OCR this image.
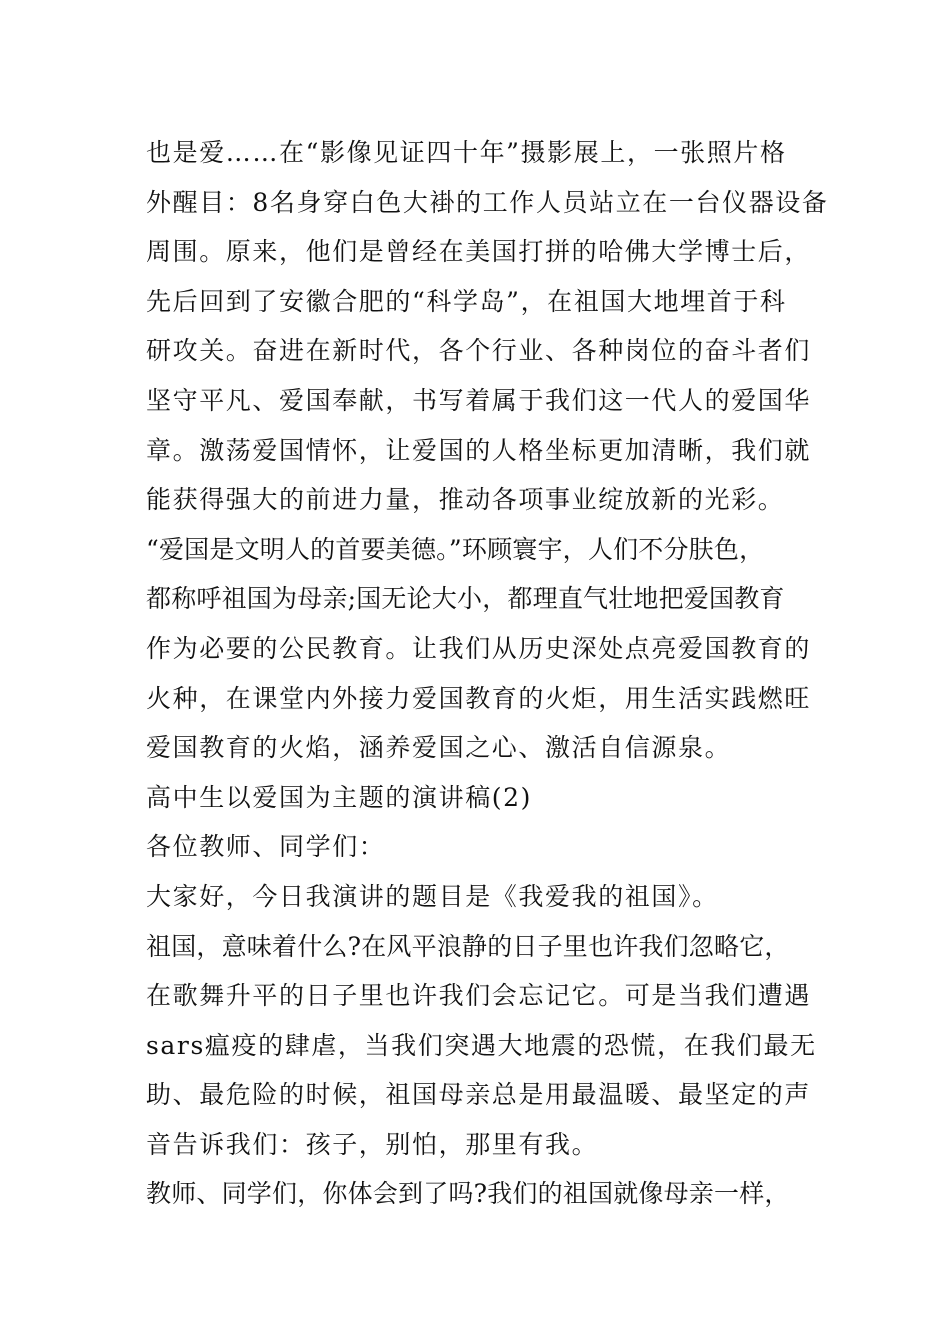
也是爱……在“影像见证四十年”摄影展上，一张照片格
外醒目：8名身穿白色大褂的工作人员站立在一台仪器设备
周围。原来，他们是曾经在美国打拼的哈佛大学博士后，
先后回到了安徽合肥的“科学岛”，在祖国大地埋首于科
研攻关。奋进在新时代，各个行业、各种岗位的奋斗者们
坚守平凡、爱国奉献，书写着属于我们这一代人的爱国华
章。激荡爱国情怀，让爱国的人格坐标更加清晰，我们就
能获得强大的前进力量，推动各项事业绽放新的光彩。
“爱国是文明人的首要美德。”环顾寰宇，人们不分肤色，
都称呼祖国为母亲;国无论大小，都理直气壮地把爱国教育
作为必要的公民教育。让我们从历史深处点亮爱国教育的
火种，在课堂内外接力爱国教育的火炬，用生活实践燃旺
爱国教育的火焰，涵养爱国之心、激活自信源泉。
高中生以爱国为主题的演讲稿(2)
各位教师、同学们：
大家好，今日我演讲的题目是《我爱我的祖国》。
祖国，意味着什么?在风平浪静的日子里也许我们忽略它，
在歌舞升平的日子里也许我们会忘记它。可是当我们遭遇
sars瘟疫的肆虐，当我们突遇大地震的恐慌，在我们最无
助、最危险的时候，祖国母亲总是用最温暖、最坚定的声
音告诉我们：孩子，别怕，那里有我。
教师、同学们，你体会到了吗?我们的祖国就像母亲一样，
